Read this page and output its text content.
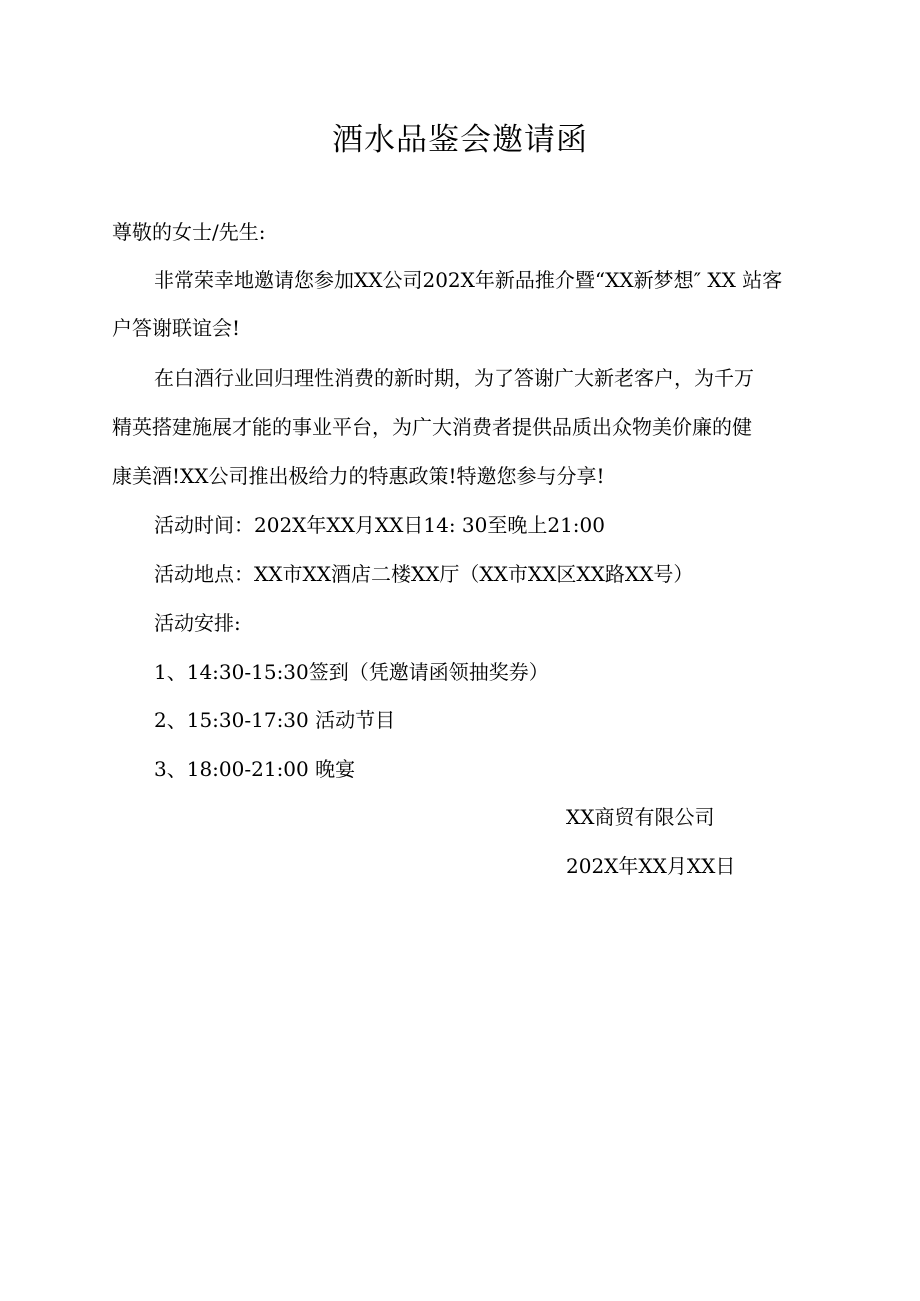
酒水品鉴会邀请函
尊敬的女士/先生:
非常荣幸地邀请您参加XX公司202X年新品推介暨“XX新梦想″ XX 站客
户答谢联谊会!
在白酒行业回归理性消费的新时期，为了答谢广大新老客户，为千万
精英搭建施展才能的事业平台，为广大消费者提供品质出众物美价廉的健
康美酒!XX公司推出极给力的特惠政策!特邀您参与分享!
活动时间：202X年XX月XX日14: 30至晚上21:00
活动地点：XX市XX酒店二楼XX厅（XX市XX区XX路XX号）
活动安排:
1、14:30-15:30签到（凭邀请函领抽奖券）
2、15:30-17:30 活动节目
3、18:00-21:00 晚宴
XX商贸有限公司
202X年XX月XX日
